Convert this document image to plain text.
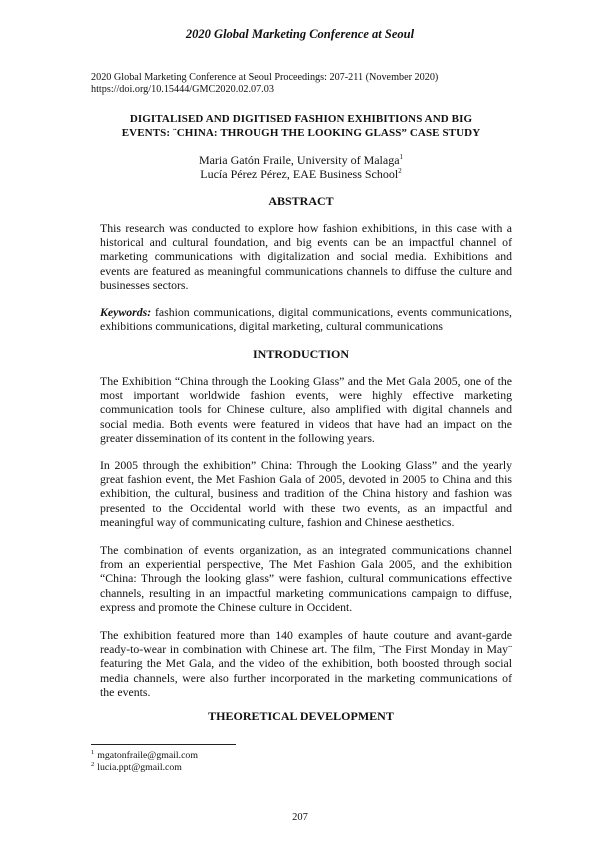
2020 Global Marketing Conference at Seoul
2020 Global Marketing Conference at Seoul Proceedings: 207-211 (November 2020)
https://doi.org/10.15444/GMC2020.02.07.03
DIGITALISED AND DIGITISED FASHION EXHIBITIONS AND BIG
EVENTS: ¨CHINA: THROUGH THE LOOKING GLASS” CASE STUDY
Maria Gatón Fraile, University of Malaga$^1$
Lucía Pérez Pérez, EAE Business School$^2$
ABSTRACT

This research was conducted to explore how fashion exhibitions, in this case with a historical and cultural foundation, and big events can be an impactful channel of marketing communications with digitalization and social media. Exhibitions and events are featured as meaningful communications channels to diffuse the culture and businesses sectors.

Keywords: fashion communications, digital communications, events communications, exhibitions communications, digital marketing, cultural communications

INTRODUCTION

The Exhibition “China through the Looking Glass” and the Met Gala 2005, one of the most important worldwide fashion events, were highly effective marketing communication tools for Chinese culture, also amplified with digital channels and social media. Both events were featured in videos that have had an impact on the greater dissemination of its content in the following years.

In 2005 through the exhibition” China: Through the Looking Glass” and the yearly great fashion event, the Met Fashion Gala of 2005, devoted in 2005 to China and this exhibition, the cultural, business and tradition of the China history and fashion was presented to the Occidental world with these two events, as an impactful and meaningful way of communicating culture, fashion and Chinese aesthetics.

The combination of events organization, as an integrated communications channel from an experiential perspective, The Met Fashion Gala 2005, and the exhibition “China: Through the looking glass” were fashion, cultural communications effective channels, resulting in an impactful marketing communications campaign to diffuse, express and promote the Chinese culture in Occident.

The exhibition featured more than 140 examples of haute couture and avant-garde ready-to-wear in combination with Chinese art. The film, ¨The First Monday in May¨ featuring the Met Gala, and the video of the exhibition, both boosted through social media channels, were also further incorporated in the marketing communications of the events.

THEORETICAL DEVELOPMENT
$^1$ mgatonfraile@gmail.com
$^2$ lucia.ppt@gmail.com
207
